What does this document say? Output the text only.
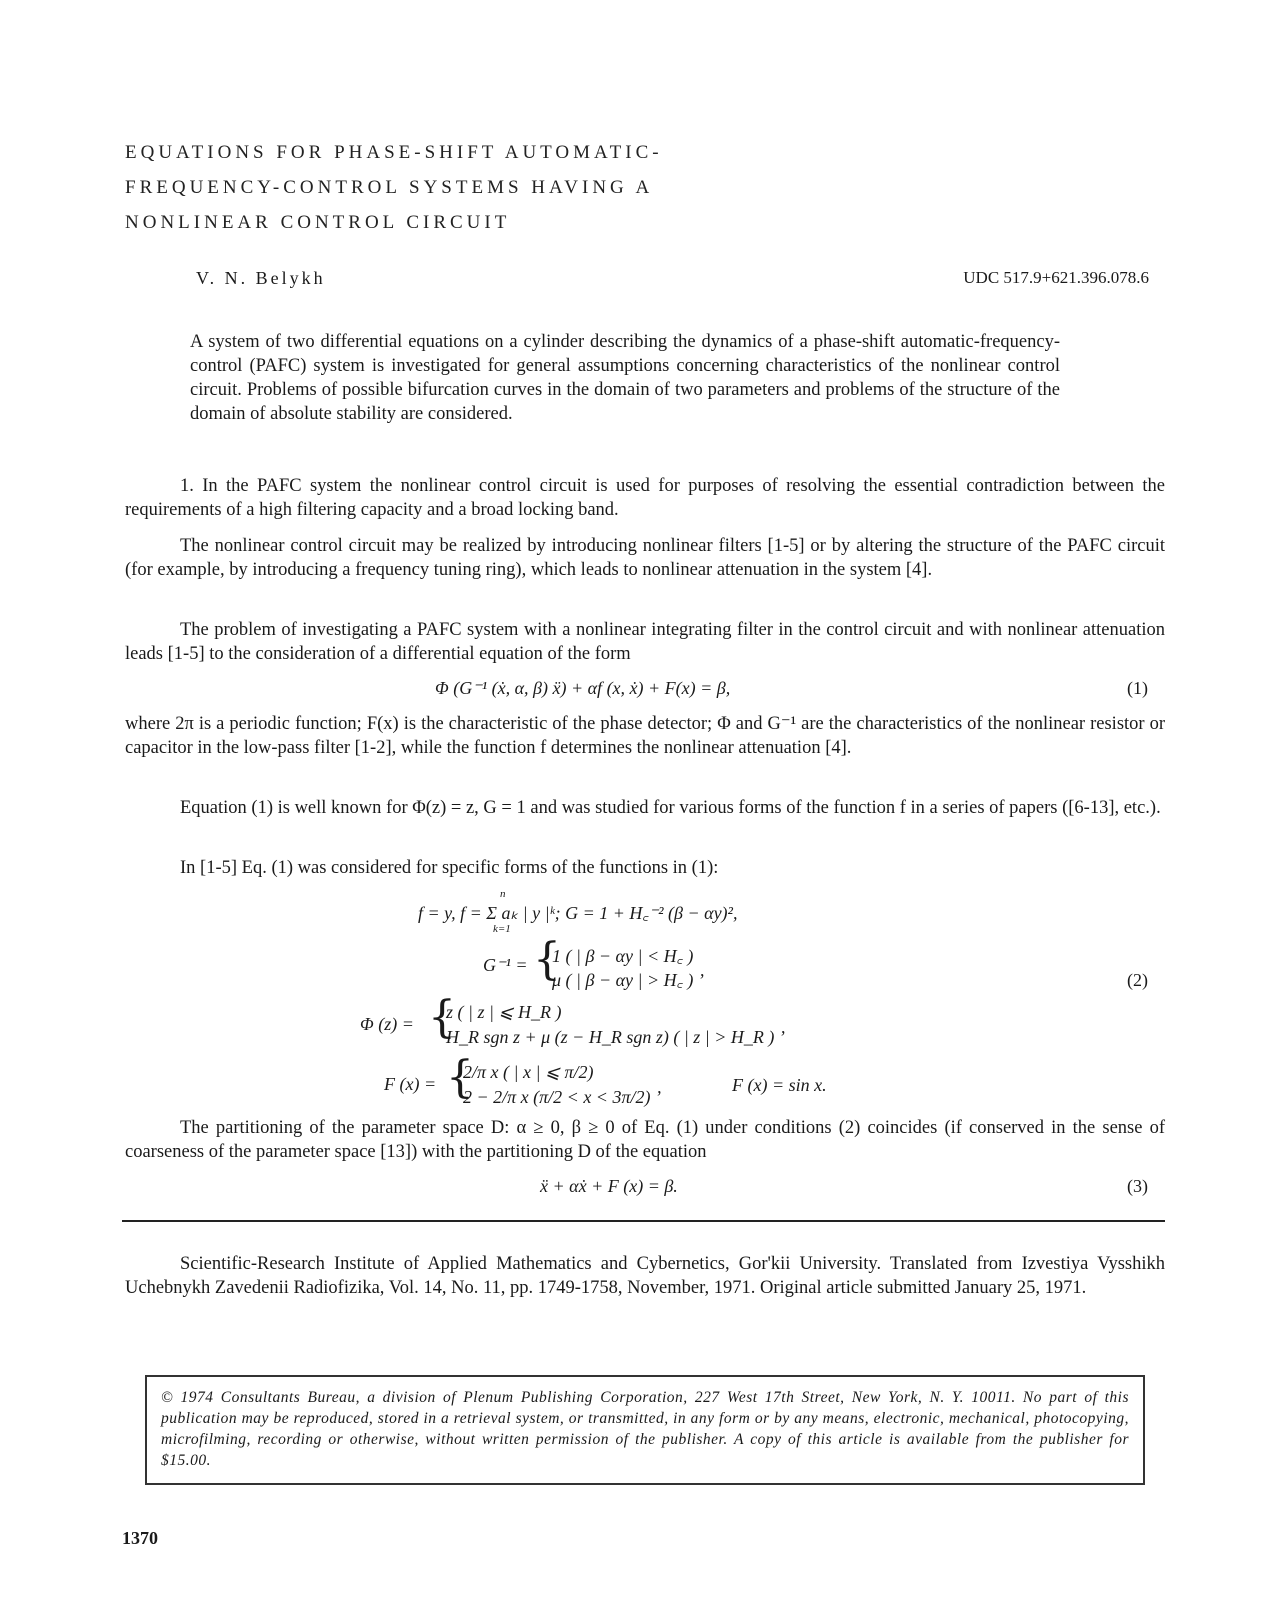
EQUATIONS FOR PHASE-SHIFT AUTOMATIC-
FREQUENCY-CONTROL SYSTEMS HAVING A
NONLINEAR CONTROL CIRCUIT
V. N. Belykh	UDC 517.9+621.396.078.6
A system of two differential equations on a cylinder describing the dynamics of a phase-shift automatic-frequency-control (PAFC) system is investigated for general assumptions concerning characteristics of the nonlinear control circuit. Problems of possible bifurcation curves in the domain of two parameters and problems of the structure of the domain of absolute stability are considered.
1. In the PAFC system the nonlinear control circuit is used for purposes of resolving the essential contradiction between the requirements of a high filtering capacity and a broad locking band.
The nonlinear control circuit may be realized by introducing nonlinear filters [1-5] or by altering the structure of the PAFC circuit (for example, by introducing a frequency tuning ring), which leads to nonlinear attenuation in the system [4].
The problem of investigating a PAFC system with a nonlinear integrating filter in the control circuit and with nonlinear attenuation leads [1-5] to the consideration of a differential equation of the form
Φ (G⁻¹ (ẋ, α, β) ẍ) + αf (x, ẋ) + F(x) = β,	(1)
where 2π is a periodic function; F(x) is the characteristic of the phase detector; Φ and G⁻¹ are the characteristics of the nonlinear resistor or capacitor in the low-pass filter [1-2], while the function f determines the nonlinear attenuation [4].
Equation (1) is well known for Φ(z) = z, G = 1 and was studied for various forms of the function f in a series of papers ([6-13], etc.).
In [1-5] Eq. (1) was considered for specific forms of the functions in (1):
n
f = y, f = Σ aₖ | y |ᵏ; G = 1 + H꜀⁻² (β − αy)²,
k=1
G⁻¹ = {
1 ( | β − αy | < H꜀ )
μ ( | β − αy | > H꜀ ) ’	(2)
Φ (z) = {
z ( | z | ⩽ H_R )
H_R sgn z + μ (z − H_R sgn z) ( | z | > H_R ) ’
F (x) = {
2/π x ( | x | ⩽ π/2)
2 − 2/π x (π/2 < x < 3π/2) ’
F (x) = sin x.
The partitioning of the parameter space D: α ≥ 0, β ≥ 0 of Eq. (1) under conditions (2) coincides (if conserved in the sense of coarseness of the parameter space [13]) with the partitioning D of the equation
ẍ + αẋ + F (x) = β.	(3)
Scientific-Research Institute of Applied Mathematics and Cybernetics, Gor'kii University. Translated from Izvestiya Vysshikh Uchebnykh Zavedenii Radiofizika, Vol. 14, No. 11, pp. 1749-1758, November, 1971. Original article submitted January 25, 1971.
© 1974 Consultants Bureau, a division of Plenum Publishing Corporation, 227 West 17th Street, New York, N. Y. 10011. No part of this publication may be reproduced, stored in a retrieval system, or transmitted, in any form or by any means, electronic, mechanical, photocopying, microfilming, recording or otherwise, without written permission of the publisher. A copy of this article is available from the publisher for $15.00.
1370
